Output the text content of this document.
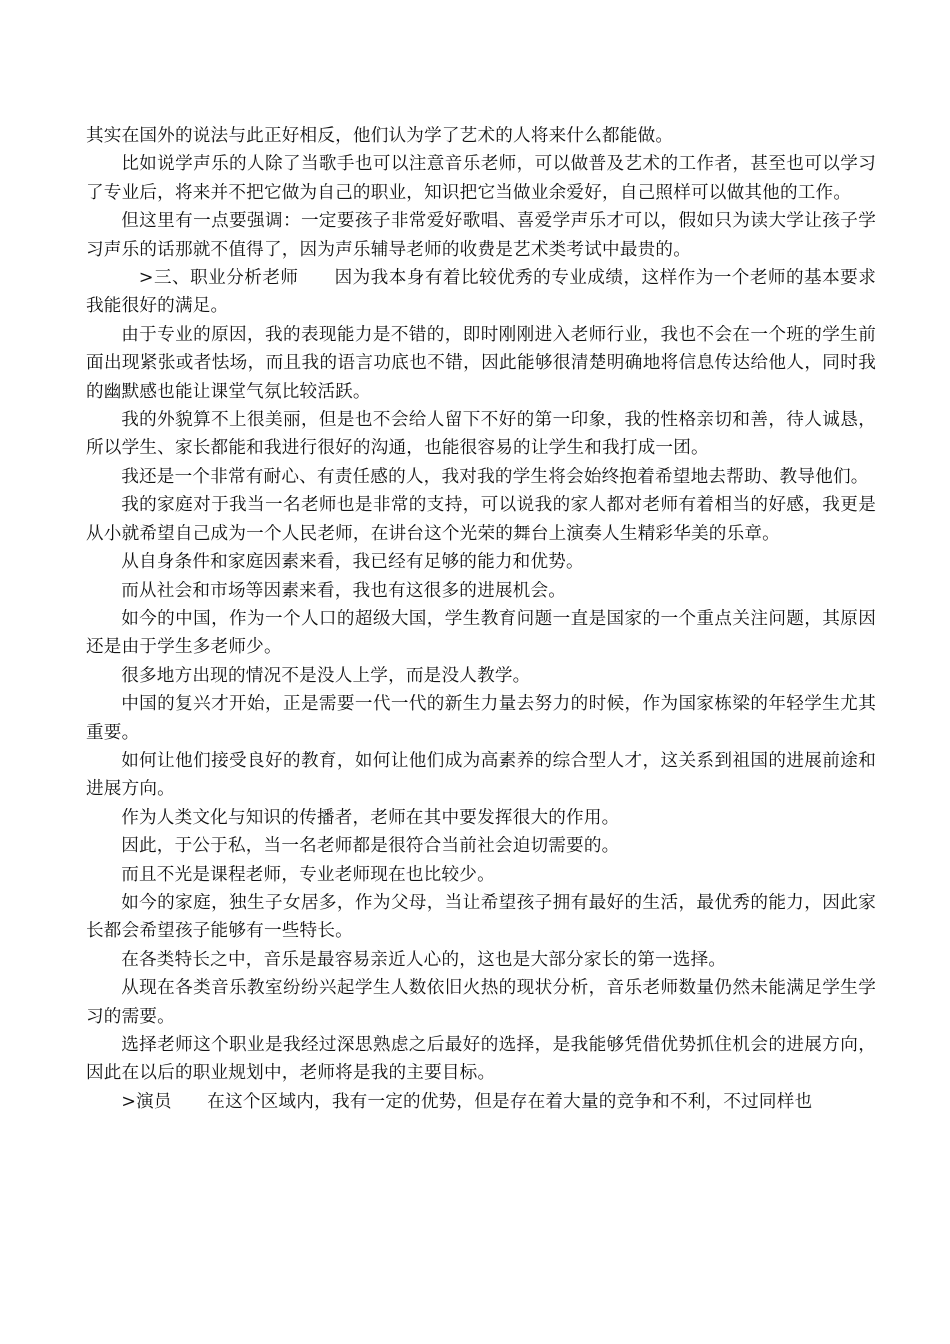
其实在国外的说法与此正好相反，他们认为学了艺术的人将来什么都能做。

比如说学声乐的人除了当歌手也可以注意音乐老师，可以做普及艺术的工作者，甚至也可以学习了专业后，将来并不把它做为自己的职业，知识把它当做业余爱好，自己照样可以做其他的工作。

但这里有一点要强调：一定要孩子非常爱好歌唱、喜爱学声乐才可以，假如只为读大学让孩子学习声乐的话那就不值得了，因为声乐辅导老师的收费是艺术类考试中最贵的。

>三、职业分析老师　　因为我本身有着比较优秀的专业成绩，这样作为一个老师的基本要求我能很好的满足。

由于专业的原因，我的表现能力是不错的，即时刚刚进入老师行业，我也不会在一个班的学生前面出现紧张或者怯场，而且我的语言功底也不错，因此能够很清楚明确地将信息传达给他人，同时我的幽默感也能让课堂气氛比较活跃。

我的外貌算不上很美丽，但是也不会给人留下不好的第一印象，我的性格亲切和善，待人诚恳，所以学生、家长都能和我进行很好的沟通，也能很容易的让学生和我打成一团。

我还是一个非常有耐心、有责任感的人，我对我的学生将会始终抱着希望地去帮助、教导他们。

我的家庭对于我当一名老师也是非常的支持，可以说我的家人都对老师有着相当的好感，我更是从小就希望自己成为一个人民老师，在讲台这个光荣的舞台上演奏人生精彩华美的乐章。

从自身条件和家庭因素来看，我已经有足够的能力和优势。

而从社会和市场等因素来看，我也有这很多的进展机会。

如今的中国，作为一个人口的超级大国，学生教育问题一直是国家的一个重点关注问题，其原因还是由于学生多老师少。

很多地方出现的情况不是没人上学，而是没人教学。

中国的复兴才开始，正是需要一代一代的新生力量去努力的时候，作为国家栋梁的年轻学生尤其重要。

如何让他们接受良好的教育，如何让他们成为高素养的综合型人才，这关系到祖国的进展前途和进展方向。

作为人类文化与知识的传播者，老师在其中要发挥很大的作用。

因此，于公于私，当一名老师都是很符合当前社会迫切需要的。

而且不光是课程老师，专业老师现在也比较少。

如今的家庭，独生子女居多，作为父母，当让希望孩子拥有最好的生活，最优秀的能力，因此家长都会希望孩子能够有一些特长。

在各类特长之中，音乐是最容易亲近人心的，这也是大部分家长的第一选择。

从现在各类音乐教室纷纷兴起学生人数依旧火热的现状分析，音乐老师数量仍然未能满足学生学习的需要。

选择老师这个职业是我经过深思熟虑之后最好的选择，是我能够凭借优势抓住机会的进展方向，因此在以后的职业规划中，老师将是我的主要目标。

>演员　　在这个区域内，我有一定的优势，但是存在着大量的竞争和不利，不过同样也
